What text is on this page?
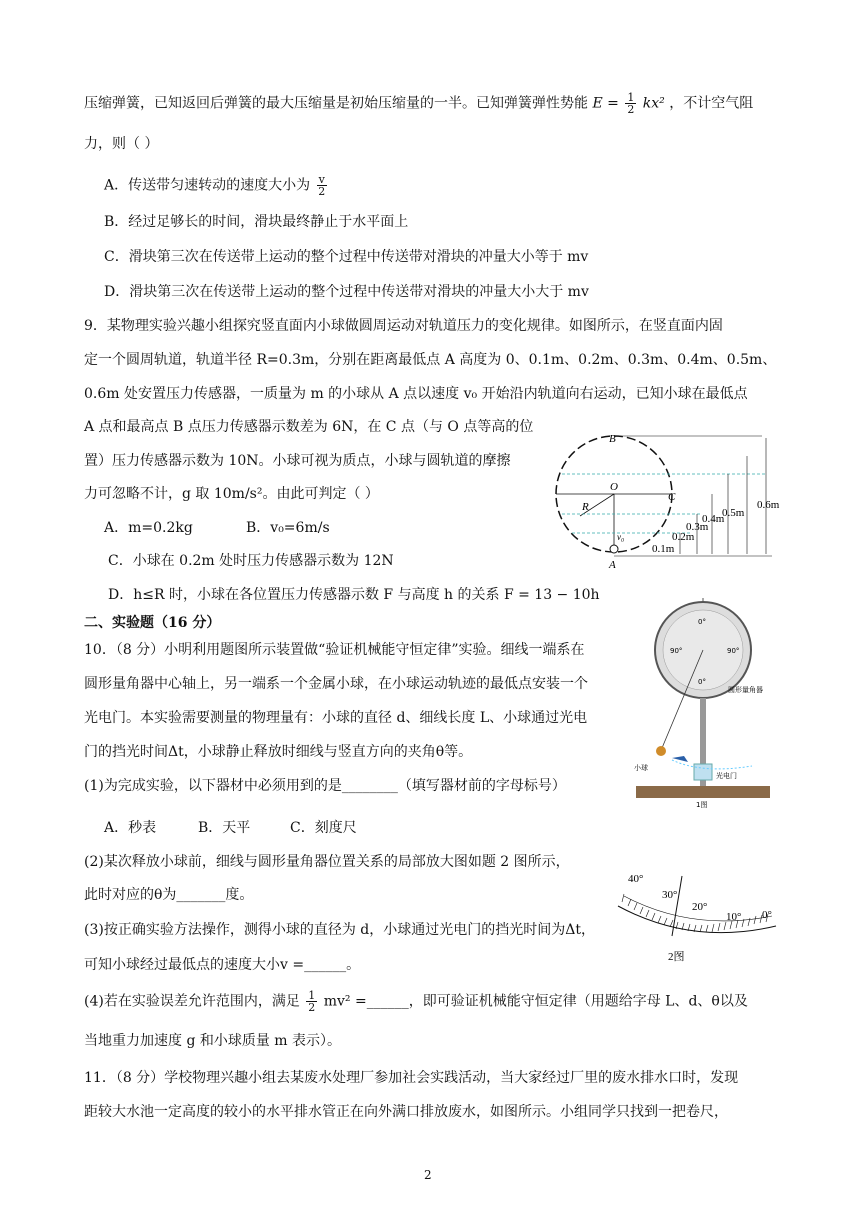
压缩弹簧，已知返回后弹簧的最大压缩量是初始压缩量的一半。已知弹簧弹性势能 $E = \frac{1}{2} kx^2$ ，不计空气阻
力，则（ ）
A．传送带匀速转动的速度大小为 $\frac{v}{2}$
B．经过足够长的时间，滑块最终静止于水平面上
C．滑块第三次在传送带上运动的整个过程中传送带对滑块的冲量大小等于 mv
D．滑块第三次在传送带上运动的整个过程中传送带对滑块的冲量大小大于 mv
9．某物理实验兴趣小组探究竖直面内小球做圆周运动对轨道压力的变化规律。如图所示，在竖直面内固
定一个圆周轨道，轨道半径 R=0.3m，分别在距离最低点 A 高度为 0、0.1m、0.2m、0.3m、0.4m、0.5m、
0.6m 处安置压力传感器，一质量为 m 的小球从 A 点以速度 v₀ 开始沿内轨道向右运动，已知小球在最低点
A 点和最高点 B 点压力传感器示数差为 6N，在 C 点（与 O 点等高的位
置）压力传感器示数为 10N。小球可视为质点，小球与圆轨道的摩擦
力可忽略不计，g 取 10m/s²。由此可判定（ ）
A．m=0.2kg	B．v₀=6m/s
C．小球在 0.2m 处时压力传感器示数为 12N
D．h≤R 时，小球在各位置压力传感器示数 F 与高度 h 的关系 F = 13 − 10h
二、实验题（16 分）
10．（8 分）小明利用题图所示装置做“验证机械能守恒定律”实验。细线一端系在
圆形量角器中心轴上，另一端系一个金属小球，在小球运动轨迹的最低点安装一个
光电门。本实验需要测量的物理量有：小球的直径 d、细线长度 L、小球通过光电
门的挡光时间Δt，小球静止释放时细线与竖直方向的夹角θ等。
(1)为完成实验，以下器材中必须用到的是________（填写器材前的字母标号）
A．秒表	B．天平	C．刻度尺
(2)某次释放小球前，细线与圆形量角器位置关系的局部放大图如题 2 图所示，
此时对应的θ为_______度。
(3)按正确实验方法操作，测得小球的直径为 d，小球通过光电门的挡光时间为Δt，
可知小球经过最低点的速度大小v =______。
(4)若在实验误差允许范围内，满足 $\frac{1}{2} mv^2$ =______，即可验证机械能守恒定律（用题给字母 L、d、θ以及
当地重力加速度 g 和小球质量 m 表示）。
11．（8 分）学校物理兴趣小组去某废水处理厂参加社会实践活动，当大家经过厂里的废水排水口时，发现
距较大水池一定高度的较小的水平排水管正在向外满口排放废水，如图所示。小组同学只找到一把卷尺，
B
A
C
O
R
v₀
0.1m
0.2m
0.3m
0.4m
0.5m
0.6m
0°
90°	90°
0°
圆形量角器
小球
光电门
1图
40°
30°
20°
10° 0°
2图
2
